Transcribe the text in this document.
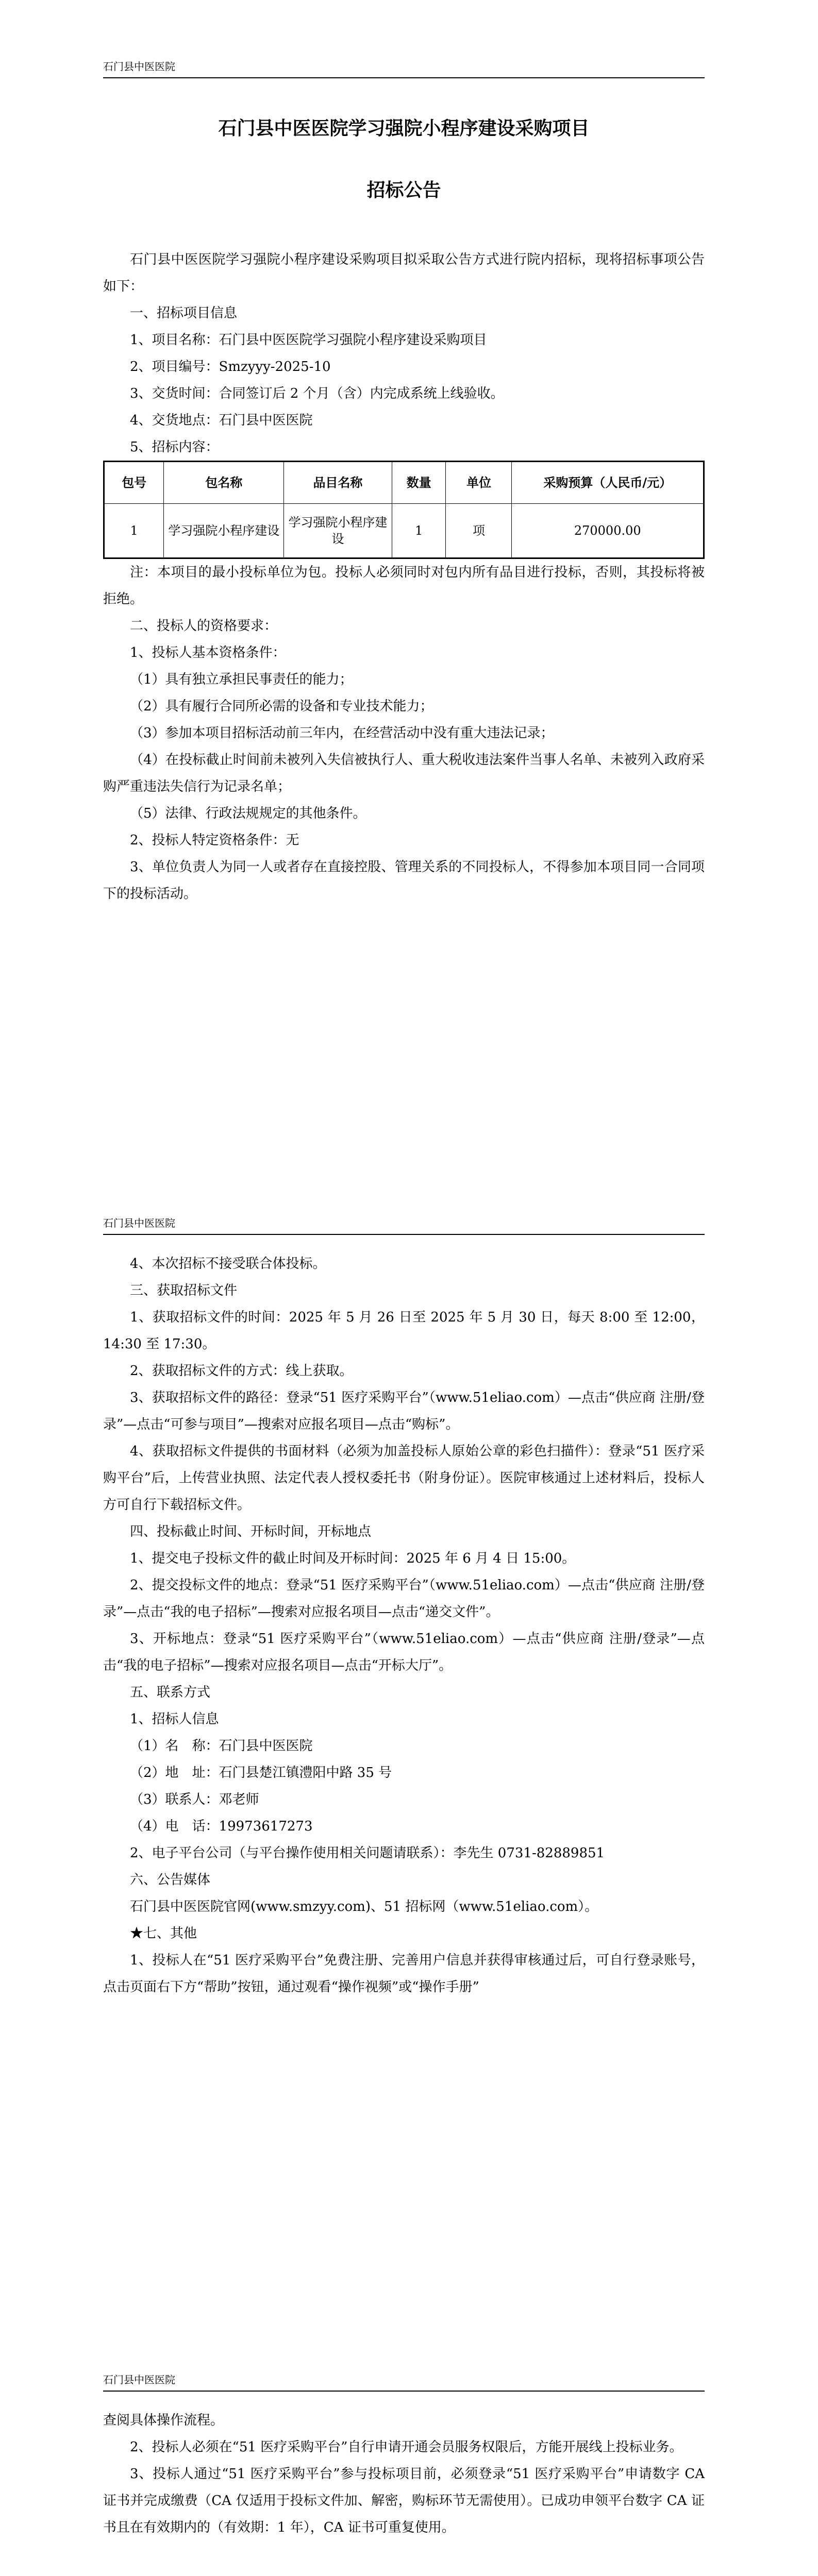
石门县中医医院
石门县中医医院学习强院小程序建设采购项目
招标公告

石门县中医医院学习强院小程序建设采购项目拟采取公告方式进行院内招标，现将招标事项公告如下：

一、招标项目信息

1、项目名称：石门县中医医院学习强院小程序建设采购项目

2、项目编号：Smzyyy-2025-10

3、交货时间：合同签订后 2 个月（含）内完成系统上线验收。

4、交货地点：石门县中医医院

5、招标内容：

包号	包名称	品目名称	数量	单位	采购预算（人民币/元）
1	学习强院小程序建设	学习强院小程序建设	1	项	270000.00

注：本项目的最小投标单位为包。投标人必须同时对包内所有品目进行投标，否则，其投标将被拒绝。

二、投标人的资格要求：

1、投标人基本资格条件：

（1）具有独立承担民事责任的能力；

（2）具有履行合同所必需的设备和专业技术能力；

（3）参加本项目招标活动前三年内，在经营活动中没有重大违法记录；

（4）在投标截止时间前未被列入失信被执行人、重大税收违法案件当事人名单、未被列入政府采购严重违法失信行为记录名单；

（5）法律、行政法规规定的其他条件。

2、投标人特定资格条件：无

3、单位负责人为同一人或者存在直接控股、管理关系的不同投标人，不得参加本项目同一合同项下的投标活动。

石门县中医医院

4、本次招标不接受联合体投标。

三、获取招标文件

1、获取招标文件的时间：2025 年 5 月 26 日至 2025 年 5 月 30 日，每天 8:00 至 12:00，14:30 至 17:30。

2、获取招标文件的方式：线上获取。

3、获取招标文件的路径：登录“51 医疗采购平台”（www.51eliao.com）—点击“供应商 注册/登录”—点击“可参与项目”—搜索对应报名项目—点击“购标”。

4、获取招标文件提供的书面材料（必须为加盖投标人原始公章的彩色扫描件）：登录“51 医疗采购平台”后，上传营业执照、法定代表人授权委托书（附身份证）。医院审核通过上述材料后，投标人方可自行下载招标文件。

四、投标截止时间、开标时间，开标地点

1、提交电子投标文件的截止时间及开标时间：2025 年 6 月 4 日 15:00。

2、提交投标文件的地点：登录“51 医疗采购平台”（www.51eliao.com）—点击“供应商 注册/登录”—点击“我的电子招标”—搜索对应报名项目—点击“递交文件”。

3、开标地点：登录“51 医疗采购平台”（www.51eliao.com）—点击“供应商 注册/登录”—点击“我的电子招标”—搜索对应报名项目—点击“开标大厅”。

五、联系方式

1、招标人信息

（1）名　称：石门县中医医院

（2）地　址：石门县楚江镇澧阳中路 35 号

（3）联系人：邓老师

（4）电　话：19973617273

2、电子平台公司（与平台操作使用相关问题请联系）：李先生 0731-82889851

六、公告媒体

石门县中医医院官网(www.smzyy.com)、51 招标网（www.51eliao.com）。

★七、其他

1、投标人在“51 医疗采购平台”免费注册、完善用户信息并获得审核通过后，可自行登录账号，点击页面右下方“帮助”按钮，通过观看“操作视频”或“操作手册”

石门县中医医院

查阅具体操作流程。

2、投标人必须在“51 医疗采购平台”自行申请开通会员服务权限后，方能开展线上投标业务。

3、投标人通过“51 医疗采购平台”参与投标项目前，必须登录“51 医疗采购平台”申请数字 CA 证书并完成缴费（CA 仅适用于投标文件加、解密，购标环节无需使用）。已成功申领平台数字 CA 证书且在有效期内的（有效期：1 年），CA 证书可重复使用。
